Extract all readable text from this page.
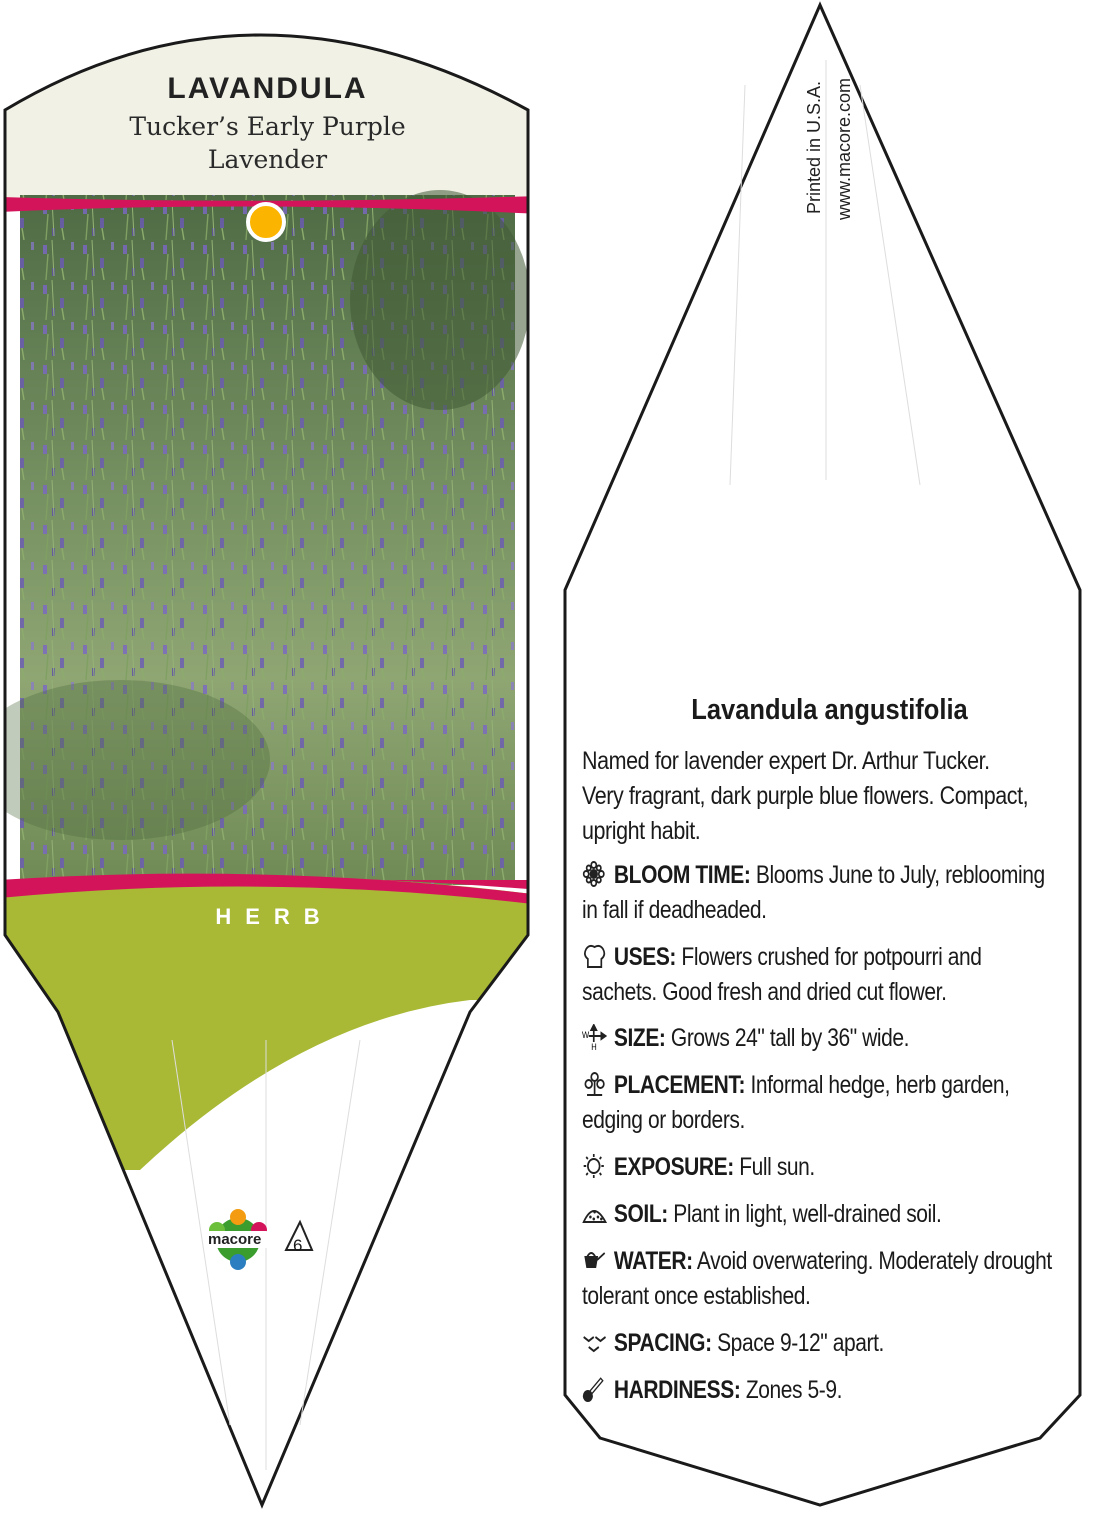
LAVANDULA
Tucker’s Early Purple
Lavender
HERB
macore 6
Printed in U.S.A. www.macore.com
Lavandula angustifolia
Named for lavender expert Dr. Arthur Tucker. Very fragrant, dark purple blue flowers. Compact, upright habit.
BLOOM TIME: Blooms June to July, reblooming in fall if deadheaded.
USES: Flowers crushed for potpourri and sachets. Good fresh and dried cut flower.
W
H SIZE: Grows 24" tall by 36" wide.
PLACEMENT: Informal hedge, herb garden, edging or borders.
EXPOSURE: Full sun.
SOIL: Plant in light, well-drained soil.
WATER: Avoid overwatering. Moderately drought tolerant once established.
SPACING: Space 9-12" apart.
HARDINESS: Zones 5-9.
